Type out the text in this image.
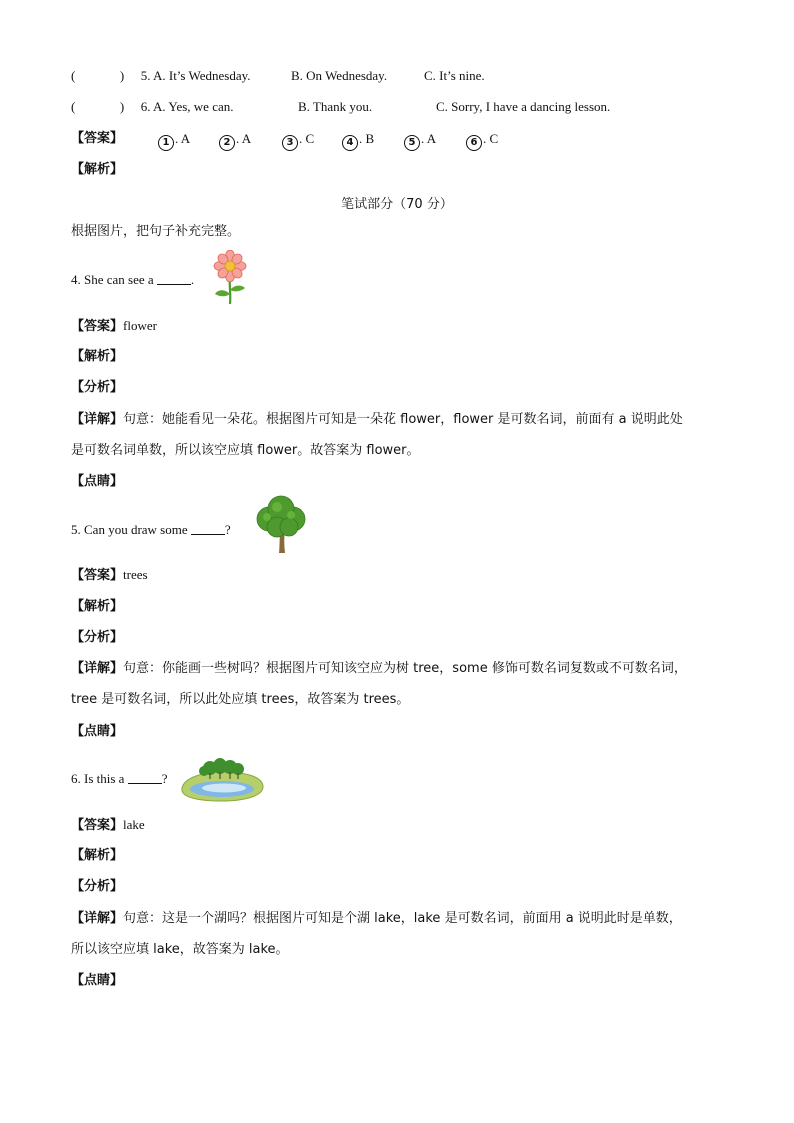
(	) 5. A. It’s Wednesday.	B. On Wednesday.	C. It’s nine.
(	) 6. A. Yes, we can.	B. Thank you.	C. Sorry, I have a dancing lesson.
【答案】	1 . A	2 . A	3 . C	4 . B	5 . A	6 . C
【解析】
笔试部分（70 分）
根据图片，把句子补充完整。
4. She can see a	.
【答案】flower
【解析】
【分析】
【详解】句意：她能看见一朵花。根据图片可知是一朵花 flower，flower 是可数名词，前面有 a 说明此处
是可数名词单数，所以该空应填 flower。故答案为 flower。
【点睛】
5. Can you draw some	?
【答案】trees
【解析】
【分析】
【详解】句意：你能画一些树吗？根据图片可知该空应为树 tree，some 修饰可数名词复数或不可数名词，
tree 是可数名词，所以此处应填 trees，故答案为 trees。
【点睛】
6. Is this a	?
【答案】lake
【解析】
【分析】
【详解】句意：这是一个湖吗？根据图片可知是个湖 lake，lake 是可数名词，前面用 a 说明此时是单数，
所以该空应填 lake，故答案为 lake。
【点睛】
